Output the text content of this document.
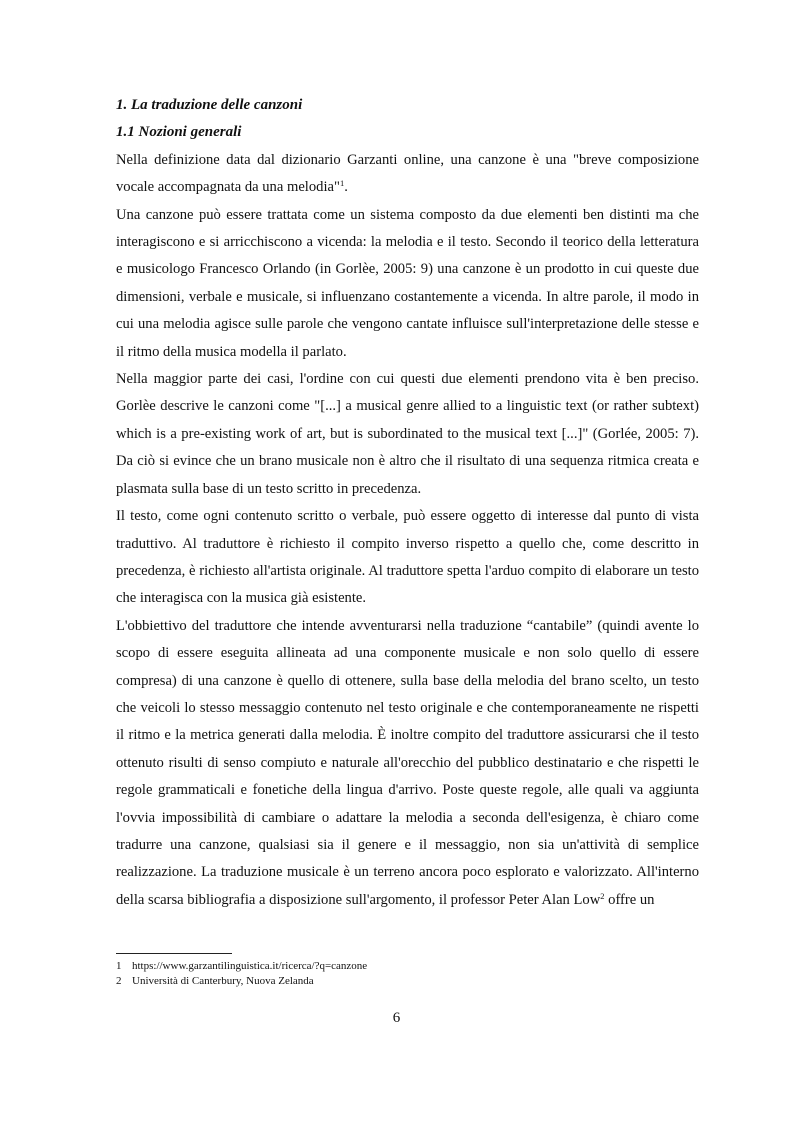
1. La traduzione delle canzoni
1.1 Nozioni generali

Nella definizione data dal dizionario Garzanti online, una canzone è una "breve composizione vocale accompagnata da una melodia"$^1$.

Una canzone può essere trattata come un sistema composto da due elementi ben distinti ma che interagiscono e si arricchiscono a vicenda: la melodia e il testo. Secondo il teorico della letteratura e musicologo Francesco Orlando (in Gorlèe, 2005: 9) una canzone è un prodotto in cui queste due dimensioni, verbale e musicale, si influenzano costantemente a vicenda. In altre parole, il modo in cui una melodia agisce sulle parole che vengono cantate influisce sull'interpretazione delle stesse e il ritmo della musica modella il parlato.

Nella maggior parte dei casi, l'ordine con cui questi due elementi prendono vita è ben preciso. Gorlèe descrive le canzoni come "[...] a musical genre allied to a linguistic text (or rather subtext) which is a pre-existing work of art, but is subordinated to the musical text [...]" (Gorlée, 2005: 7). Da ciò si evince che un brano musicale non è altro che il risultato di una sequenza ritmica creata e plasmata sulla base di un testo scritto in precedenza.

Il testo, come ogni contenuto scritto o verbale, può essere oggetto di interesse dal punto di vista traduttivo. Al traduttore è richiesto il compito inverso rispetto a quello che, come descritto in precedenza, è richiesto all'artista originale. Al traduttore spetta l'arduo compito di elaborare un testo che interagisca con la musica già esistente.

L'obbiettivo del traduttore che intende avventurarsi nella traduzione “cantabile” (quindi avente lo scopo di essere eseguita allineata ad una componente musicale e non solo quello di essere compresa) di una canzone è quello di ottenere, sulla base della melodia del brano scelto, un testo che veicoli lo stesso messaggio contenuto nel testo originale e che contemporaneamente ne rispetti il ritmo e la metrica generati dalla melodia. È inoltre compito del traduttore assicurarsi che il testo ottenuto risulti di senso compiuto e naturale all'orecchio del pubblico destinatario e che rispetti le regole grammaticali e fonetiche della lingua d'arrivo. Poste queste regole, alle quali va aggiunta l'ovvia impossibilità di cambiare o adattare la melodia a seconda dell'esigenza, è chiaro come tradurre una canzone, qualsiasi sia il genere e il messaggio, non sia un'attività di semplice realizzazione. La traduzione musicale è un terreno ancora poco esplorato e valorizzato. All'interno della scarsa bibliografia a disposizione sull'argomento, il professor Peter Alan Low$^2$ offre un

1 https://www.garzantilinguistica.it/ricerca/?q=canzone
2 Università di Canterbury, Nuova Zelanda
6
